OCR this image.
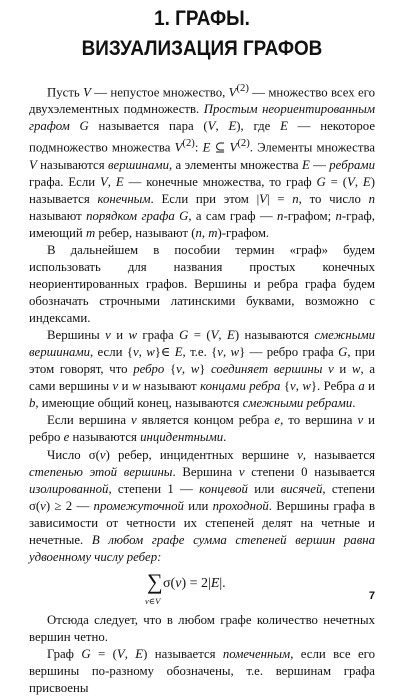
1. ГРАФЫ.
ВИЗУАЛИЗАЦИЯ ГРАФОВ

Пусть V — непустое множество, $V^{(2)}$ — множество всех его двухэлементных подмножеств. Простым неориентированным графом G называется пара (V, E), где E — некоторое подмножество множества $V^{(2)}$: E ⊆ $V^{(2)}$. Элементы множества V называются вершинами, а элементы множества E — ребрами графа. Если V, E — конечные множества, то граф G = (V, E) называется конечным. Если при этом |V| = n, то число n называют порядком графа G, а сам граф — n-графом; n-граф, имеющий m ребер, называют (n, m)-графом.

В дальнейшем в пособии термин «граф» будем использовать для названия простых конечных неориентированных графов. Вершины и ребра графа будем обозначать строчными латинскими буквами, возможно с индексами.

Вершины v и w графа G = (V, E) называются смежными вершинами, если {v, w}∈ E, т.е. {v, w} — ребро графа G, при этом говорят, что ребро {v, w} соединяет вершины v и w, а сами вершины v и w называют концами ребра {v, w}. Ребра a и b, имеющие общий конец, называются смежными ребрами.

Если вершина v является концом ребра e, то вершина v и ребро e называются инцидентными.

Число σ(v) ребер, инцидентных вершине v, называется степенью этой вершины. Вершина v степени 0 называется изолированной, степени 1 — концевой или висячей, степени σ(v) ≥ 2 — промежуточной или проходной. Вершины графа в зависимости от четности их степеней делят на четные и нечетные. В любом графе сумма степеней вершин равна удвоенному числу ребер:

∑
v∈V
σ(v) = 2|E|.

Отсюда следует, что в любом графе количество нечетных вершин четно.

Граф G = (V, E) называется помеченным, если все его вершины по-разному обозначены, т.е. вершинам графа присвоены

7
